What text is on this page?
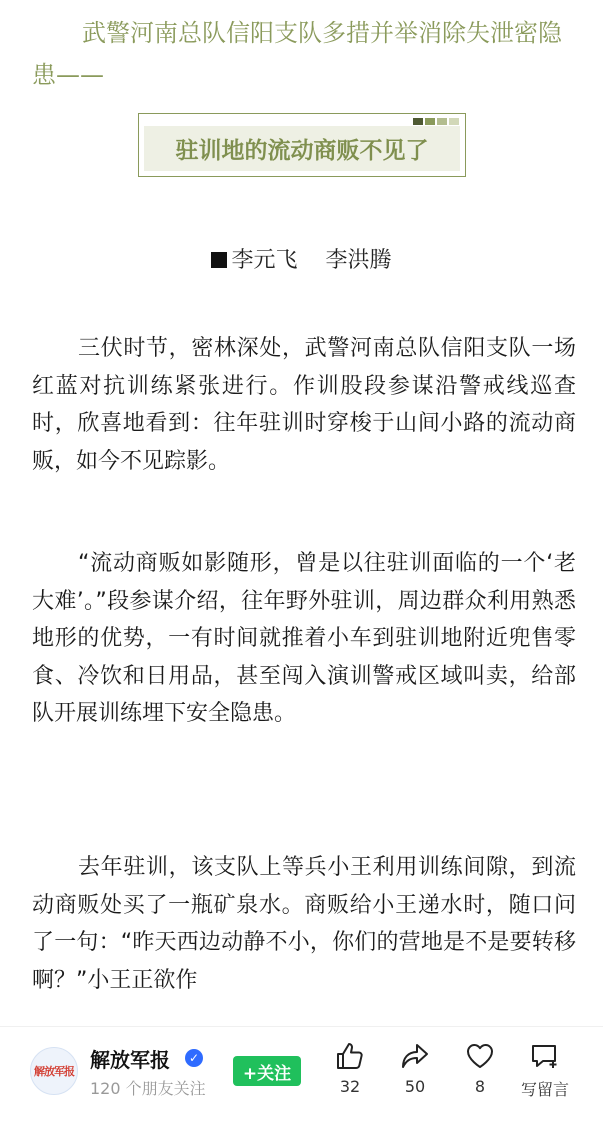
武警河南总队信阳支队多措并举消除失泄密隐患——
驻训地的流动商贩不见了
李元飞 李洪腾

三伏时节，密林深处，武警河南总队信阳支队一场红蓝对抗训练紧张进行。作训股段参谋沿警戒线巡查时，欣喜地看到：往年驻训时穿梭于山间小路的流动商贩，如今不见踪影。

“流动商贩如影随形，曾是以往驻训面临的一个‘老大难’。”段参谋介绍，往年野外驻训，周边群众利用熟悉地形的优势，一有时间就推着小车到驻训地附近兜售零食、冷饮和日用品，甚至闯入演训警戒区域叫卖，给部队开展训练埋下安全隐患。

去年驻训，该支队上等兵小王利用训练间隙，到流动商贩处买了一瓶矿泉水。商贩给小王递水时，随口问了一句：“昨天西边动静不小，你们的营地是不是要转移啊？”小王正欲作

解放军报 解放军报	✓
120 个朋友关注
+关注
32	50	8	写留言
